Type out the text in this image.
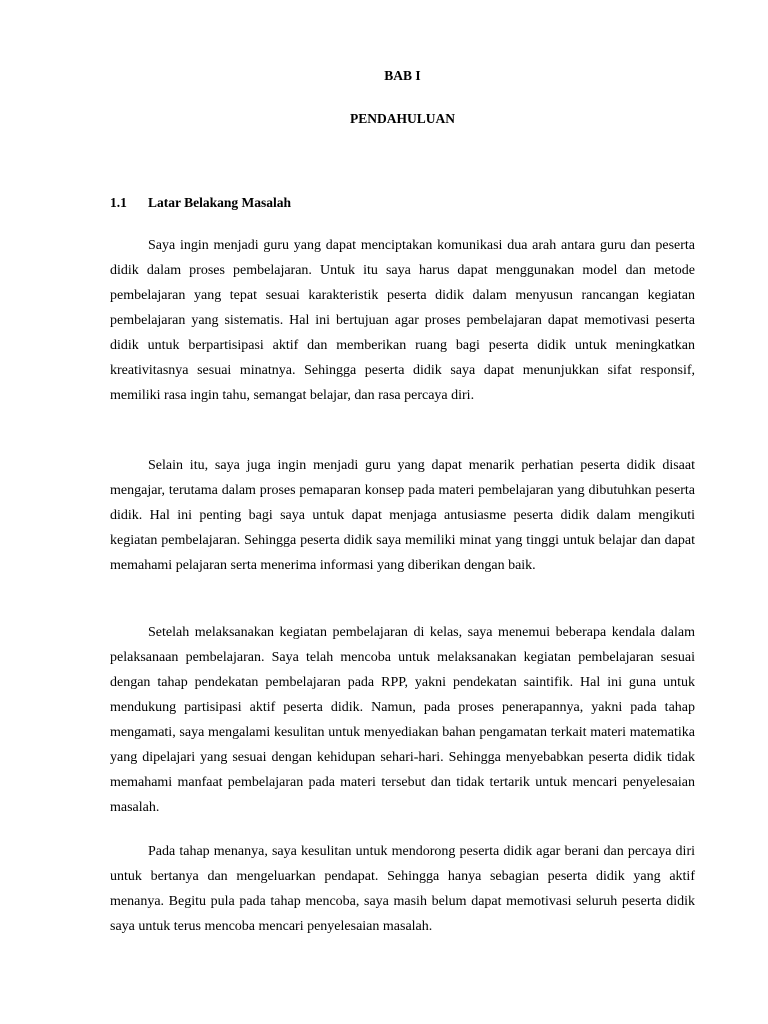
BAB I
PENDAHULUAN
1.1 Latar Belakang Masalah

Saya ingin menjadi guru yang dapat menciptakan komunikasi dua arah antara guru dan peserta didik dalam proses pembelajaran. Untuk itu saya harus dapat menggunakan model dan metode pembelajaran yang tepat sesuai karakteristik peserta didik dalam menyusun rancangan kegiatan pembelajaran yang sistematis. Hal ini bertujuan agar proses pembelajaran dapat memotivasi peserta didik untuk berpartisipasi aktif dan memberikan ruang bagi peserta didik untuk meningkatkan kreativitasnya sesuai minatnya. Sehingga peserta didik saya dapat menunjukkan sifat responsif, memiliki rasa ingin tahu, semangat belajar, dan rasa percaya diri.

Selain itu, saya juga ingin menjadi guru yang dapat menarik perhatian peserta didik disaat mengajar, terutama dalam proses pemaparan konsep pada materi pembelajaran yang dibutuhkan peserta didik. Hal ini penting bagi saya untuk dapat menjaga antusiasme peserta didik dalam mengikuti kegiatan pembelajaran. Sehingga peserta didik saya memiliki minat yang tinggi untuk belajar dan dapat memahami pelajaran serta menerima informasi yang diberikan dengan baik.

Setelah melaksanakan kegiatan pembelajaran di kelas, saya menemui beberapa kendala dalam pelaksanaan pembelajaran. Saya telah mencoba untuk melaksanakan kegiatan pembelajaran sesuai dengan tahap pendekatan pembelajaran pada RPP, yakni pendekatan saintifik. Hal ini guna untuk mendukung partisipasi aktif peserta didik. Namun, pada proses penerapannya, yakni pada tahap mengamati, saya mengalami kesulitan untuk menyediakan bahan pengamatan terkait materi matematika yang dipelajari yang sesuai dengan kehidupan sehari-hari. Sehingga menyebabkan peserta didik tidak memahami manfaat pembelajaran pada materi tersebut dan tidak tertarik untuk mencari penyelesaian masalah.

Pada tahap menanya, saya kesulitan untuk mendorong peserta didik agar berani dan percaya diri untuk bertanya dan mengeluarkan pendapat. Sehingga hanya sebagian peserta didik yang aktif menanya. Begitu pula pada tahap mencoba, saya masih belum dapat memotivasi seluruh peserta didik saya untuk terus mencoba mencari penyelesaian masalah.
